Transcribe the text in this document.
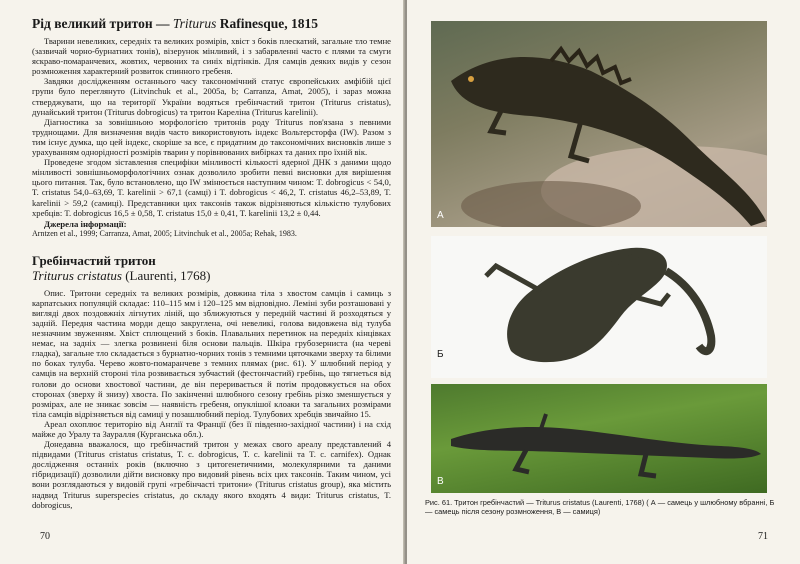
Рід великий тритон — Triturus Rafinesque, 1815

Тварини невеликих, середніх та великих розмірів, хвіст з боків плескатий, загальне тло темне (зазвичай чорно-бурнатних тонів), візерунок мінливий, і з забарвленні часто є плями та смуги яскраво-помаранчевих, жовтих, червоних та синіх відтінків. Для самців деяких видів у сезон розмноження характерний розвиток спинного гребеня.

Завдяки дослідженням останнього часу таксономічний статус європейських амфібій цієї групи було переглянуто (Litvinchuk et al., 2005а, b; Carranza, Amat, 2005), і зараз можна стверджувати, що на території України водяться гребінчастий тритон (Triturus cristatus), дунайський тритон (Triturus dobrogicus) та тритон Кареліна (Triturus karelinii).

Діагностика за зовнішньою морфологією тритонів роду Triturus пов'язана з певними труднощами. Для визначення видів часто використовують індекс Вольтерсторфа (IW). Разом з тим існує думка, що цей індекс, скоріше за все, є придатним до таксономічних висновків лише з урахуванням однорідності розмірів тварин у порівнюваних вибірках та даних про їхній вік.

Проведене згодом зіставлення специфіки мінливості кількості ядерної ДНК з даними щодо мінливості зовнішньоморфологічних ознак дозволило зробити певні висновки для вирішення цього питання. Так, було встановлено, що IW змінюється наступним чином: T. dobrogicus < 54,0, T. cristatus 54,0–63,69, T. karelinii > 67,1 (самці) і T. dobrogicus < 46,2, T. cristatus 46,2–53,89, T. karelinii > 59,2 (самиці). Представники цих таксонів також відрізняються кількістю тулубових хребців: T. dobrogicus 16,5 ± 0,58, T. cristatus 15,0 ± 0,41, T. karelinii 13,2 ± 0,44.

Джерела інформації:
Arntzen et al., 1999; Carranza, Amat, 2005; Litvinchuk et al., 2005а; Rehak, 1983.
Гребінчастий тритон
Triturus cristatus (Laurenti, 1768)

Опис. Тритони середніх та великих розмірів, довжина тіла з хвостом самців і самиць з карпатських популяцій складає: 110–115 мм і 120–125 мм відповідно. Леміні зуби розташовані у вигляді двох поздовжніх лігнутих ліній, що зближуються у передній частині й розходяться у задній. Передня частина морди дещо закруглена, очі невеликі, голова видовжена від тулуба незначним звуженням. Хвіст сплющений з боків. Плавальних перетинок на передніх кінцівках немає, на задніх — злегка розвинені біля основи пальців. Шкіра грубозерниста (на череві гладка), загальне тло складається з бурнатно-чорних тонів з темними цяточками зверху та білими по боках тулуба. Черево жовто-помаранчеве з темних плямах (рис. 61). У шлюбний період у самців на верхній стороні тіла розвивається зубчастий (фестончастий) гребінь, що тягнеться від голови до основи хвостової частини, де він переривається й потім продовжується на обох сторонах (зверху й знизу) хвоста. По закінченні шлюбного сезону гребінь різко зменшується у розмірах, але не зникає зовсім — наявність гребеня, опуклішої клоаки та загальних розмірами тіла самців відрізняється від самиці у позашлюбний період. Тулубових хребців звичайно 15.

Ареал охоплює територію від Англії та Франції (без її південно-західної частини) і на схід майже до Уралу та Зауралля (Курганська обл.).

Донедавна вважалося, що гребінчастий тритон у межах свого ареалу представлений 4 підвидами (Triturus cristatus cristatus, T. c. dobrogicus, T. c. karelinii та T. c. carnifex). Однак дослідження останніх років (включно з цитогенетичними, молекулярними та даними гібридизації) дозволили дійти висновку про видовий рівень всіх цих таксонів. Таким чином, усі вони розглядаються у видовій групі «гребінчасті тритони» (Triturus cristatus group), яка містить надвид Triturus superspecies cristatus, до складу якого входять 4 види: Triturus cristatus, T. dobrogicus,

70
А
Б
В
Рис. 61. Тритон гребінчастий — Triturus cristatus (Laurenti, 1768) ( А — самець у шлюбному вбранні, Б — самець після сезону розмноження, В — самиця)
71
